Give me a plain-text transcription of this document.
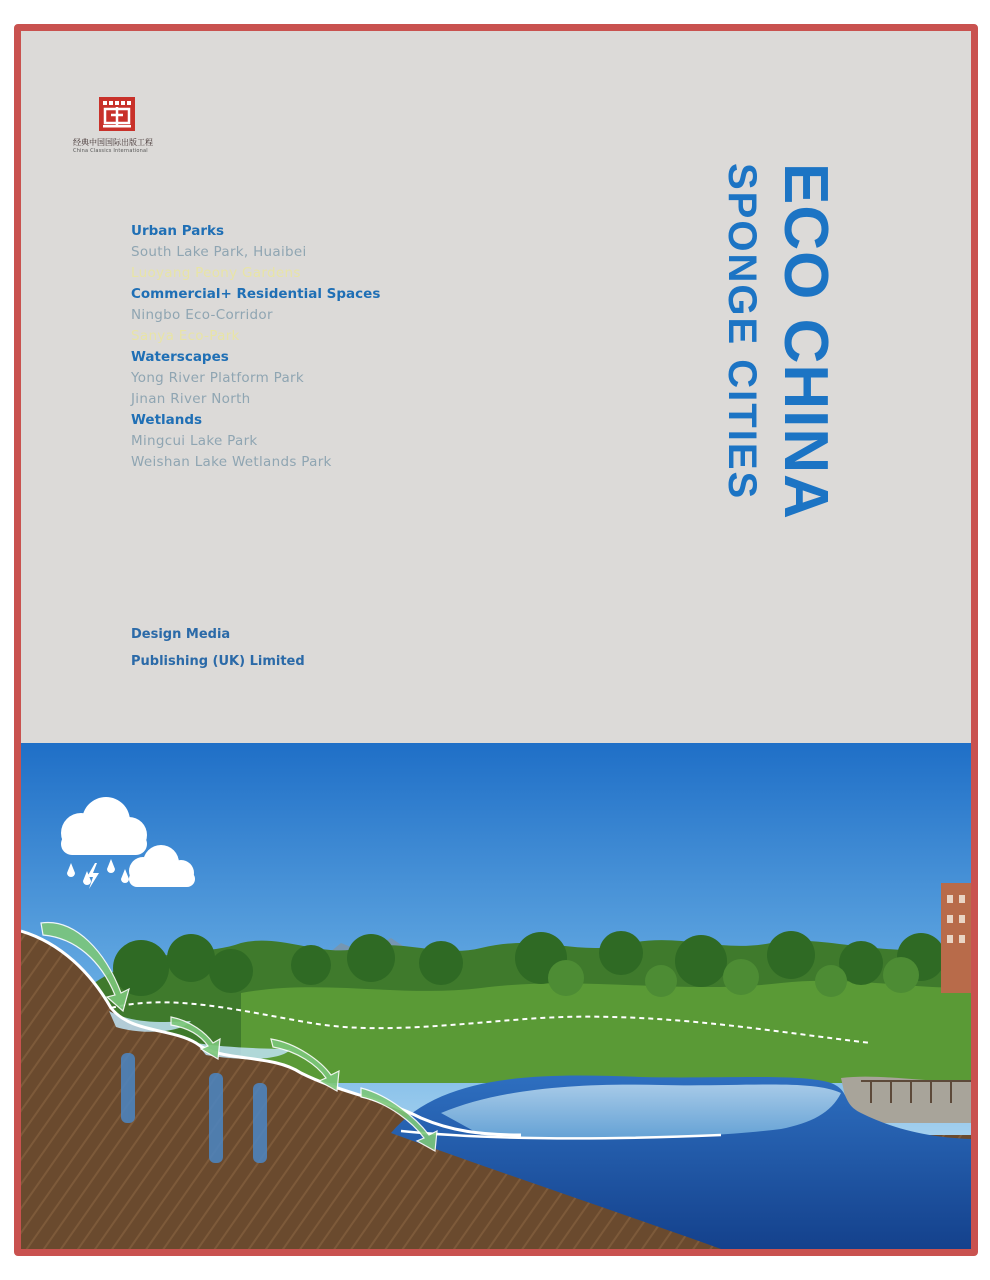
经典中国国际出版工程
China Classics International
Urban Parks
South Lake Park, Huaibei
Luoyang Peony Gardens
Commercial+ Residential Spaces
Ningbo Eco-Corridor
Sanya Eco-Park
Waterscapes
Yong River Platform Park
Jinan River North
Wetlands
Mingcui Lake Park
Weishan Lake Wetlands Park
Design Media
Publishing (UK) Limited
ECO CHINA
SPONGE CITIES
